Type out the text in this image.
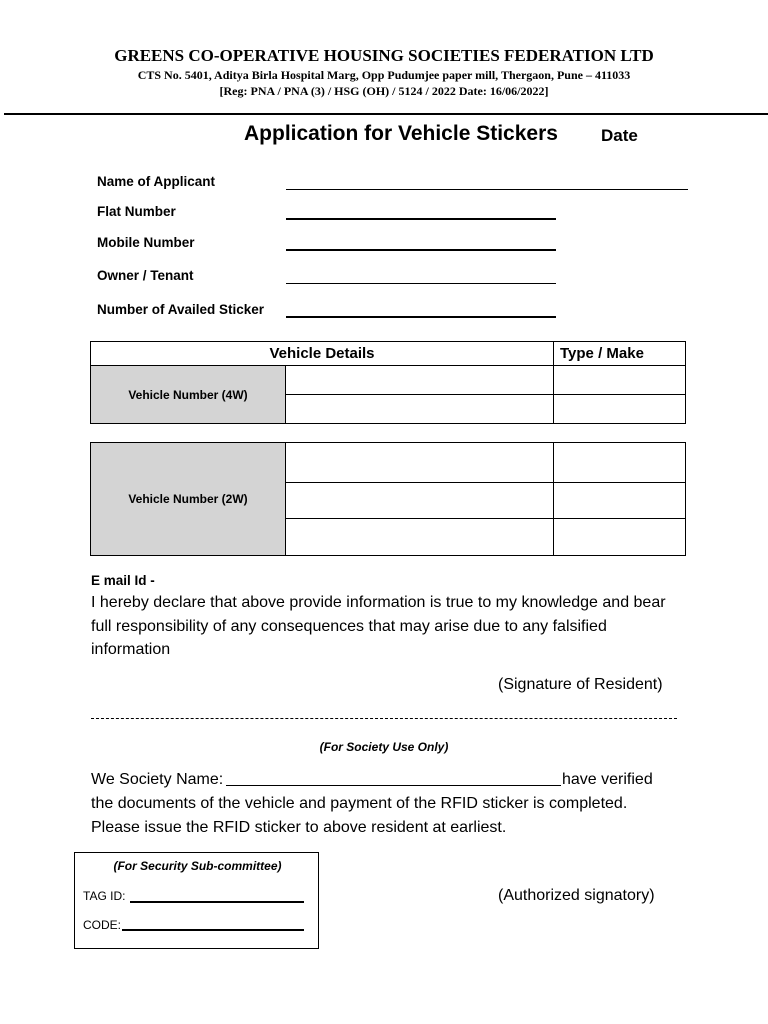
GREENS CO-OPERATIVE HOUSING SOCIETIES FEDERATION LTD
CTS No. 5401, Aditya Birla Hospital Marg, Opp Pudumjee paper mill, Thergaon, Pune – 411033
[Reg: PNA / PNA (3) / HSG (OH) / 5124 / 2022 Date: 16/06/2022]
Application for Vehicle Stickers	Date
Name of Applicant
Flat Number
Mobile Number
Owner / Tenant
Number of Availed Sticker
Vehicle Details		Type / Make
Vehicle Number (4W)		

Vehicle Number (2W)		

E mail Id -
I hereby declare that above provide information is true to my knowledge and bear
full responsibility of any consequences that may arise due to any falsified
information
(Signature of Resident)
(For Society Use Only)
We Society Name:	have verified
the documents of the vehicle and payment of the RFID sticker is completed.
Please issue the RFID sticker to above resident at earliest.
(For Security Sub-committee)
TAG ID:
CODE:
(Authorized signatory)
